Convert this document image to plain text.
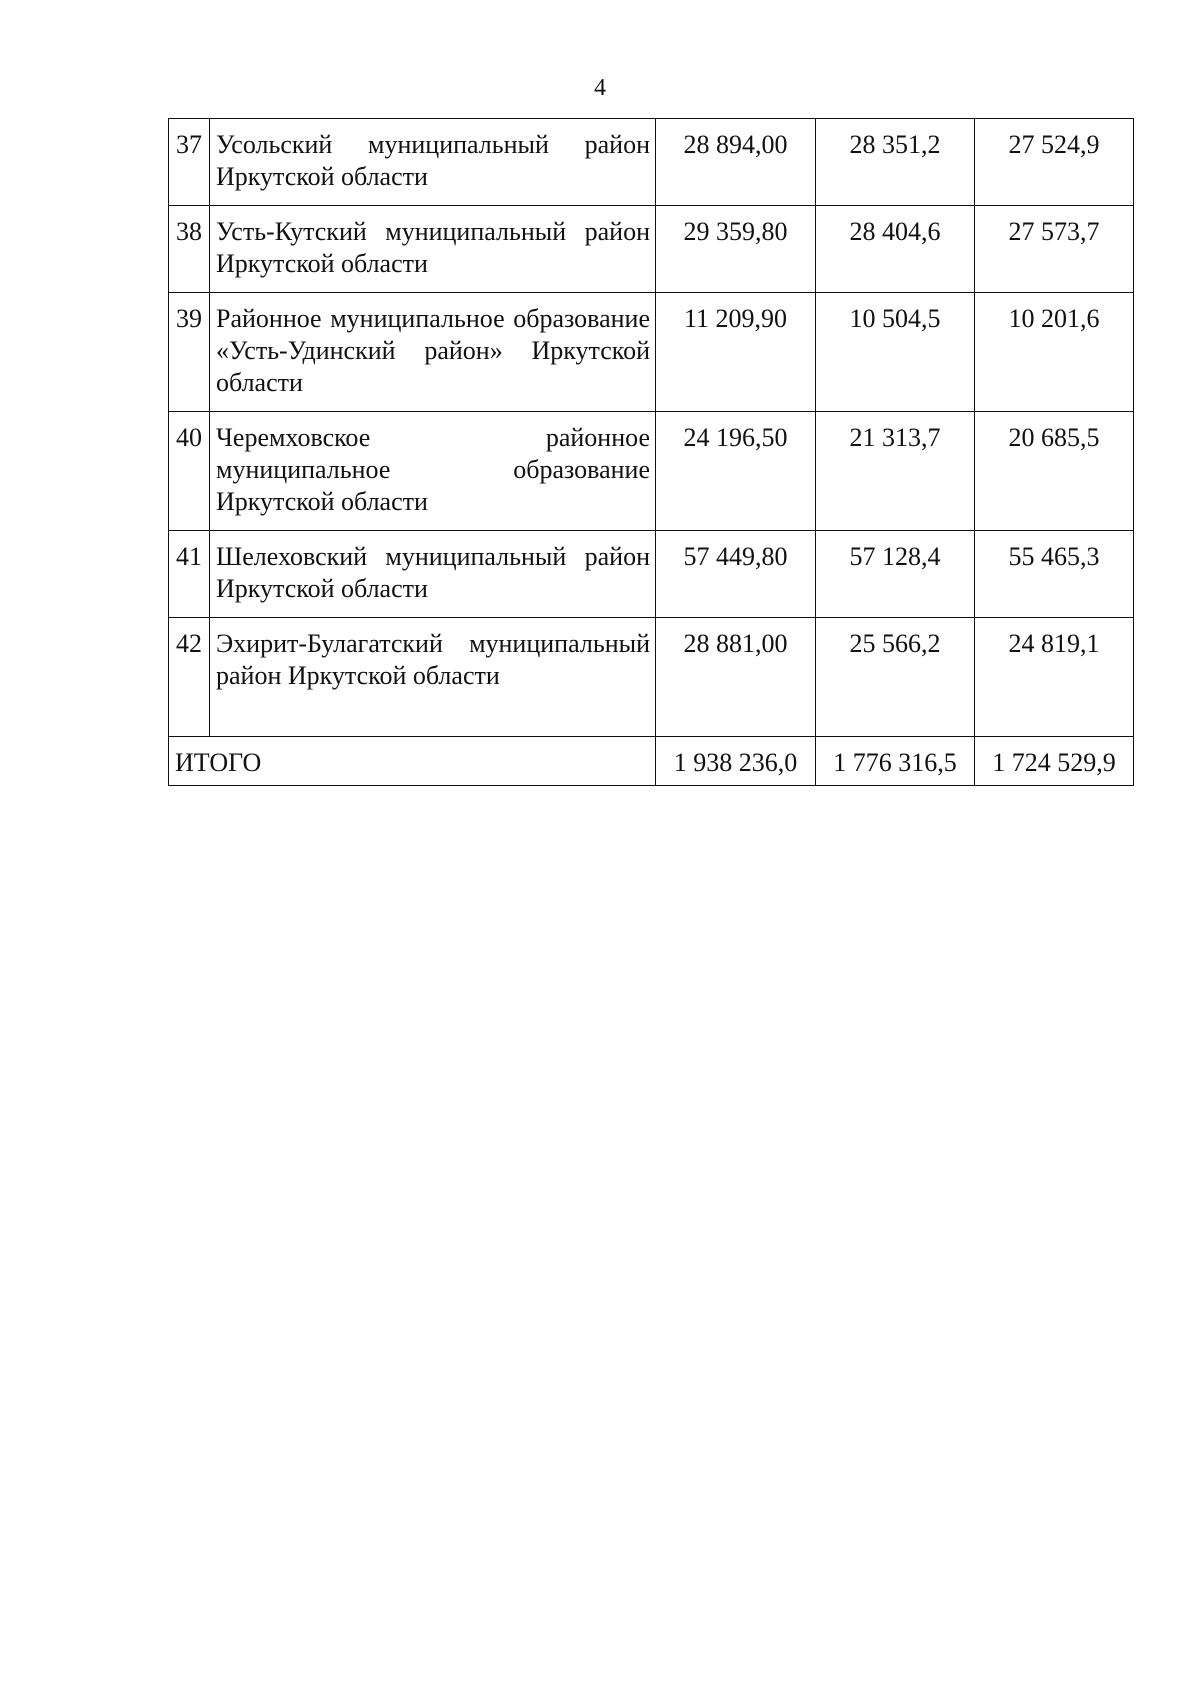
4
37	Усольский муниципальный район Иркутской области	28 894,00	28 351,2	27 524,9
38	Усть-Кутский муниципальный район Иркутской области	29 359,80	28 404,6	27 573,7
39	Районное муниципальное образование «Усть-Удинский район» Иркутской области	11 209,90	10 504,5	10 201,6
40	Черемховское районное муниципальное образование Иркутской области	24 196,50	21 313,7	20 685,5
41	Шелеховский муниципальный район Иркутской области	57 449,80	57 128,4	55 465,3
42	Эхирит-Булагатский муниципальный район Иркутской области	28 881,00	25 566,2	24 819,1
ИТОГО		1 938 236,0	1 776 316,5	1 724 529,9
